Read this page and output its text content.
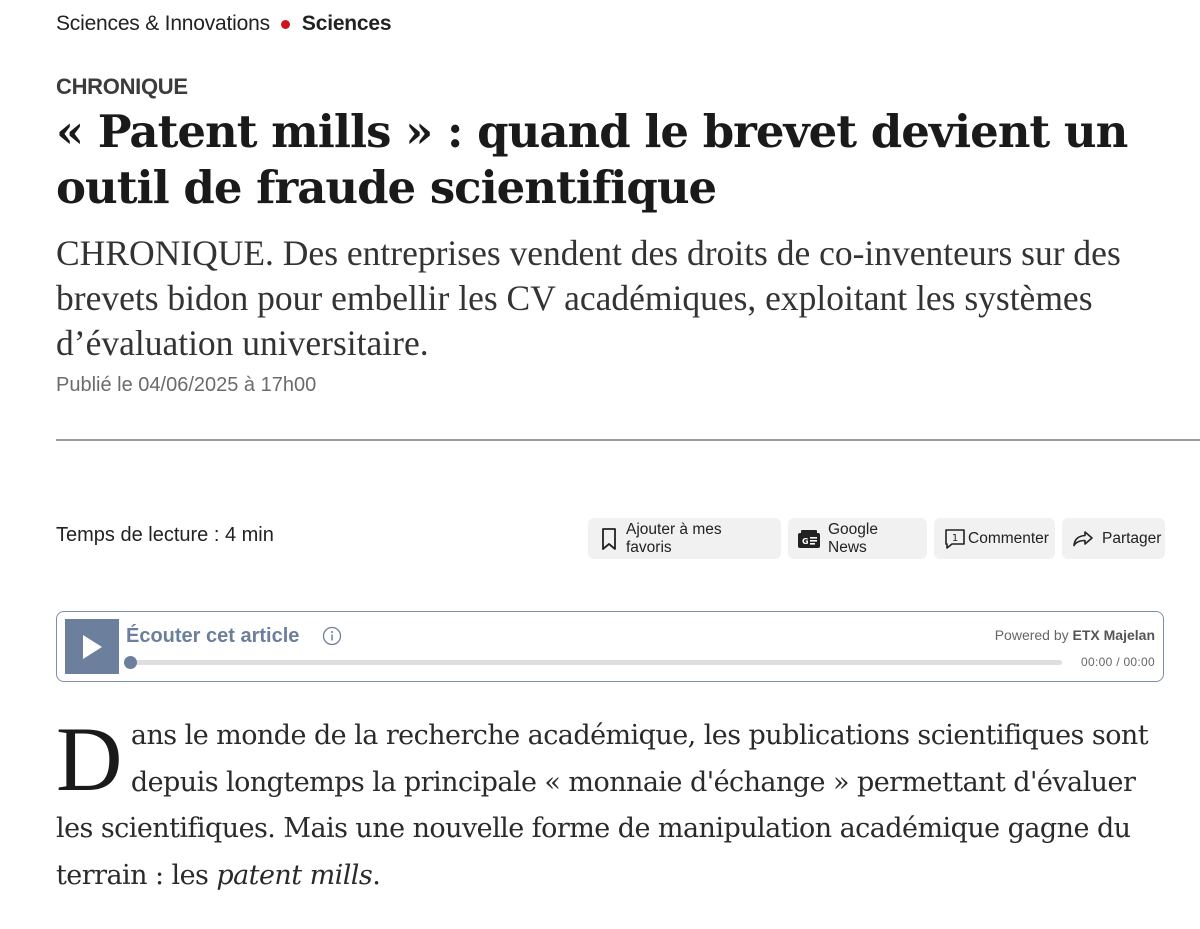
Sciences & Innovations Sciences
CHRONIQUE
« Patent mills » : quand le brevet devient un outil de fraude scientifique

CHRONIQUE. Des entreprises vendent des droits de co-inventeurs sur des brevets bidon pour embellir les CV académiques, exploitant les systèmes d’évaluation universitaire.

Publié le 04/06/2025 à 17h00
Temps de lecture : 4 min	Ajouter à mes favoris	G
Google News
1 Commenter	Partager
Écouter cet article	Powered by ETX Majelan
00:00 / 00:00
Dans le monde de la recherche académique, les publications scientifiques sont depuis longtemps la principale « monnaie d'échange » permettant d'évaluer les scientifiques. Mais une nouvelle forme de manipulation académique gagne du terrain : les patent mills.
